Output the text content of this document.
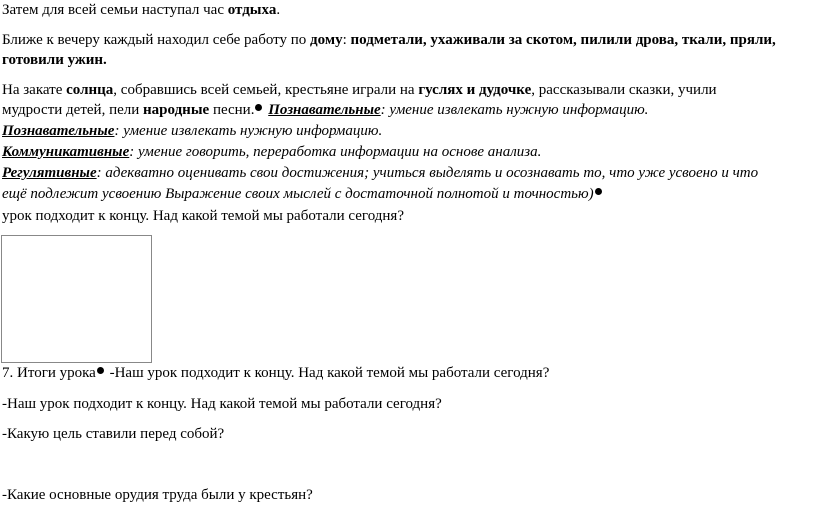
Затем для всей семьи наступал час отдыха.
Ближе к вечеру каждый находил себе работу по дому: подметали, ухаживали за скотом, пилили дрова, ткали, пряли,
готовили ужин.
На закате солнца, собравшись всей семьей, крестьяне играли на гуслях и дудочке, рассказывали сказки, учили
мудрости детей, пели народные песни. Познавательные: умение извлекать нужную информацию.
Познавательные: умение извлекать нужную информацию.
Коммуникативные: умение говорить, переработка информации на основе анализа.
Регулятивные: адекватно оценивать свои достижения; учиться выделять и осознавать то, что уже усвоено и что
ещё подлежит усвоению Выражение своих мыслей с достаточной полнотой и точностью)
урок подходит к концу. Над какой темой мы работали сегодня?
7. Итоги урока -Наш урок подходит к концу. Над какой темой мы работали сегодня?
-Наш урок подходит к концу. Над какой темой мы работали сегодня?
-Какую цель ставили перед собой?
-Какие основные орудия труда были у крестьян?
